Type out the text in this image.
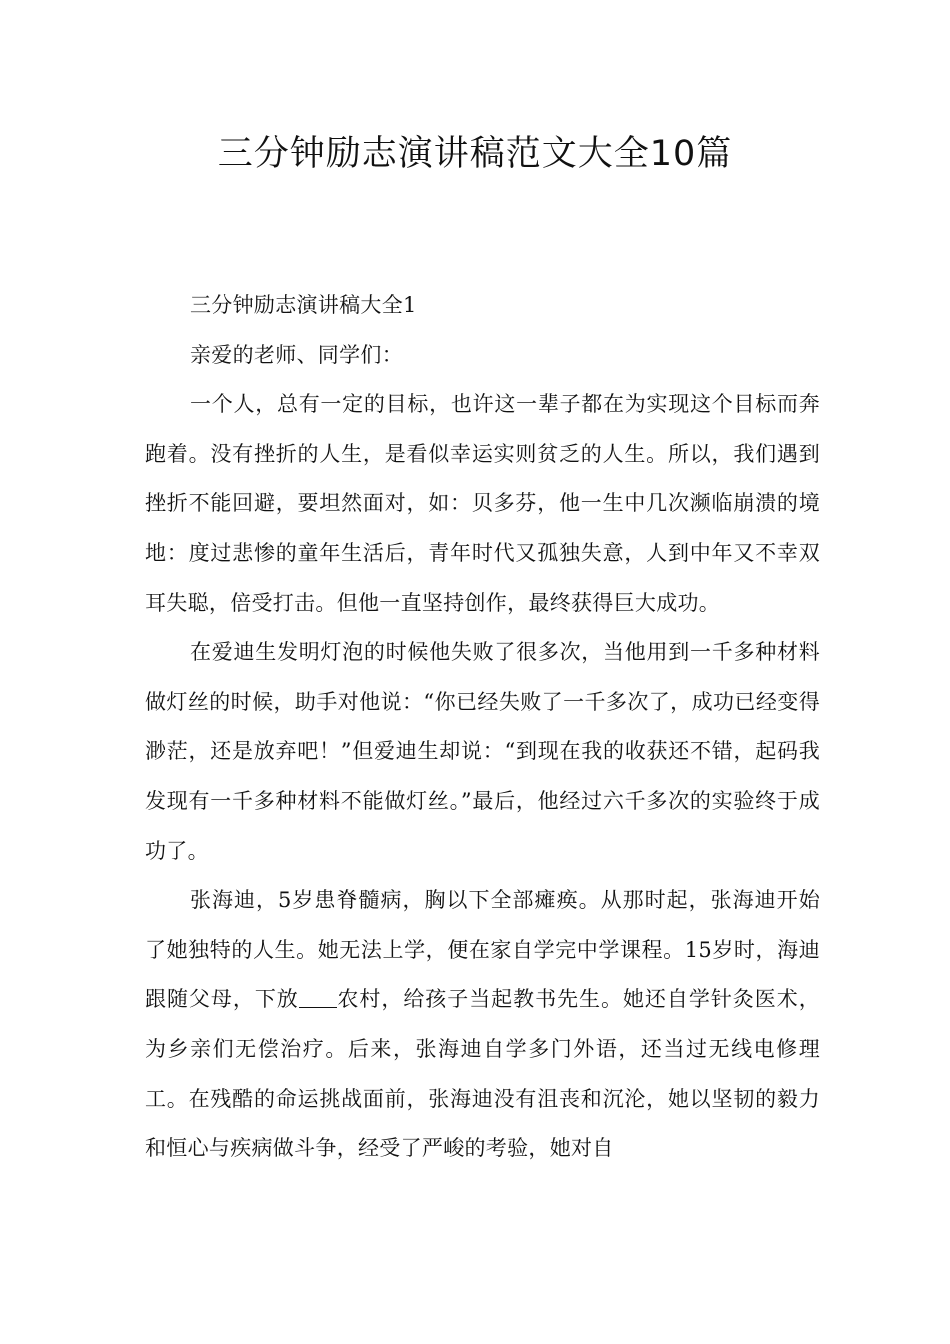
三分钟励志演讲稿范文大全10篇

三分钟励志演讲稿大全1

亲爱的老师、同学们：

一个人，总有一定的目标，也许这一辈子都在为实现这个目标而奔跑着。没有挫折的人生，是看似幸运实则贫乏的人生。所以，我们遇到挫折不能回避，要坦然面对，如：贝多芬，他一生中几次濒临崩溃的境地：度过悲惨的童年生活后，青年时代又孤独失意，人到中年又不幸双耳失聪，倍受打击。但他一直坚持创作，最终获得巨大成功。

在爱迪生发明灯泡的时候他失败了很多次，当他用到一千多种材料做灯丝的时候，助手对他说：“你已经失败了一千多次了，成功已经变得渺茫，还是放弃吧！”但爱迪生却说：“到现在我的收获还不错，起码我发现有一千多种材料不能做灯丝。”最后，他经过六千多次的实验终于成功了。

张海迪，5岁患脊髓病，胸以下全部瘫痪。从那时起，张海迪开始了她独特的人生。她无法上学，便在家自学完中学课程。15岁时，海迪跟随父母，下放 农村，给孩子当起教书先生。她还自学针灸医术，为乡亲们无偿治疗。后来，张海迪自学多门外语，还当过无线电修理工。在残酷的命运挑战面前，张海迪没有沮丧和沉沦，她以坚韧的毅力和恒心与疾病做斗争，经受了严峻的考验，她对自
